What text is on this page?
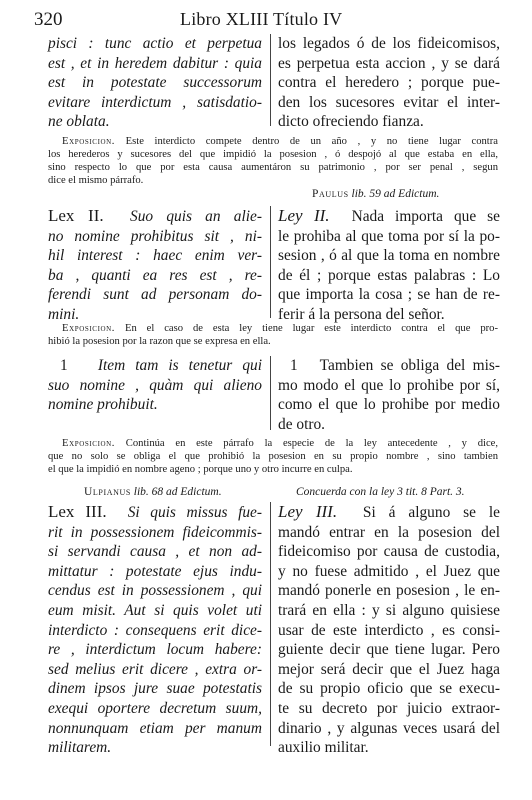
320	Libro XLIII Título IV
pisci : tunc actio et perpetua
est , et in heredem dabitur : quia
est in potestate successorum
evitare interdictum , satisdatio-
ne oblata.
los legados ó de los fideicomisos,
es perpetua esta accion , y se dará
contra el heredero ; porque pue-
den los sucesores evitar el inter-
dicto ofreciendo fianza.
Exposicion. Este interdicto compete dentro de un año , y no tiene lugar contra
los herederos y sucesores del que impidió la posesion , ó despojó al que estaba en ella,
sino respecto lo que por esta causa aumentáron su patrimonio , por ser penal , segun
dice el mismo párrafo.
Paulus lib. 59 ad Edictum.
Lex II. Suo quis an alie-
no nomine prohibitus sit , ni-
hil interest : haec enim ver-
ba , quanti ea res est , re-
ferendi sunt ad personam do-
mini.
Ley II. Nada importa que se
le prohiba al que toma por sí la po-
sesion , ó al que la toma en nombre
de él ; porque estas palabras : Lo
que importa la cosa ; se han de re-
ferir á la persona del señor.
Exposicion. En el caso de esta ley tiene lugar este interdicto contra el que pro-
hibió la posesion por la razon que se expresa en ella.
1 Item tam is tenetur qui
suo nomine , quàm qui alieno
nomine prohibuit.
1 Tambien se obliga del mis-
mo modo el que lo prohibe por sí,
como el que lo prohibe por medio
de otro.
Exposicion. Continúa en este párrafo la especie de la ley antecedente , y dice,
que no solo se obliga el que prohibió la posesion en su propio nombre , sino tambien
el que la impidió en nombre ageno ; porque uno y otro incurre en culpa.
Ulpianus lib. 68 ad Edictum.	Concuerda con la ley 3 tit. 8 Part. 3.
Lex III. Si quis missus fue-
rit in possessionem fideicommis-
si servandi causa , et non ad-
mittatur : potestate ejus indu-
cendus est in possessionem , qui
eum misit. Aut si quis volet uti
interdicto : consequens erit dice-
re , interdictum locum habere:
sed melius erit dicere , extra or-
dinem ipsos jure suae potestatis
exequi oportere decretum suum,
nonnunquam etiam per manum
militarem.
Ley III. Si á alguno se le
mandó entrar en la posesion del
fideicomiso por causa de custodia,
y no fuese admitido , el Juez que
mandó ponerle en posesion , le en-
trará en ella : y si alguno quisiese
usar de este interdicto , es consi-
guiente decir que tiene lugar. Pero
mejor será decir que el Juez haga
de su propio oficio que se execu-
te su decreto por juicio extraor-
dinario , y algunas veces usará del
auxilio militar.
